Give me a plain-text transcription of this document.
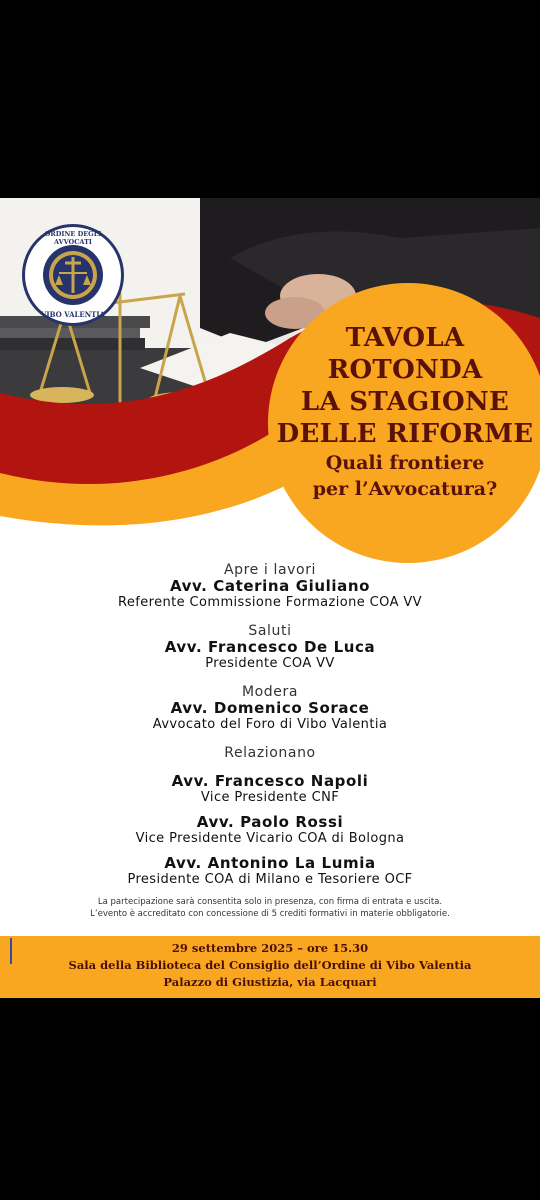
ORDINE DEGLI AVVOCATI
VIBO VALENTIA
TAVOLA
ROTONDA
LA STAGIONE
DELLE RIFORME
Quali frontiere
per l’Avvocatura?
Apre i lavori
Avv. Caterina Giuliano
Referente Commissione Formazione COA VV
Saluti
Avv. Francesco De Luca
Presidente COA VV
Modera
Avv. Domenico Sorace
Avvocato del Foro di Vibo Valentia
Relazionano
Avv. Francesco Napoli
Vice Presidente CNF
Avv. Paolo Rossi
Vice Presidente Vicario COA di Bologna
Avv. Antonino La Lumia
Presidente COA di Milano e Tesoriere OCF
La partecipazione sarà consentita solo in presenza, con firma di entrata e uscita.
L’evento è accreditato con concessione di 5 crediti formativi in materie obbligatorie.
29 settembre 2025 – ore 15.30
Sala della Biblioteca del Consiglio dell’Ordine di Vibo Valentia
Palazzo di Giustizia, via Lacquari
